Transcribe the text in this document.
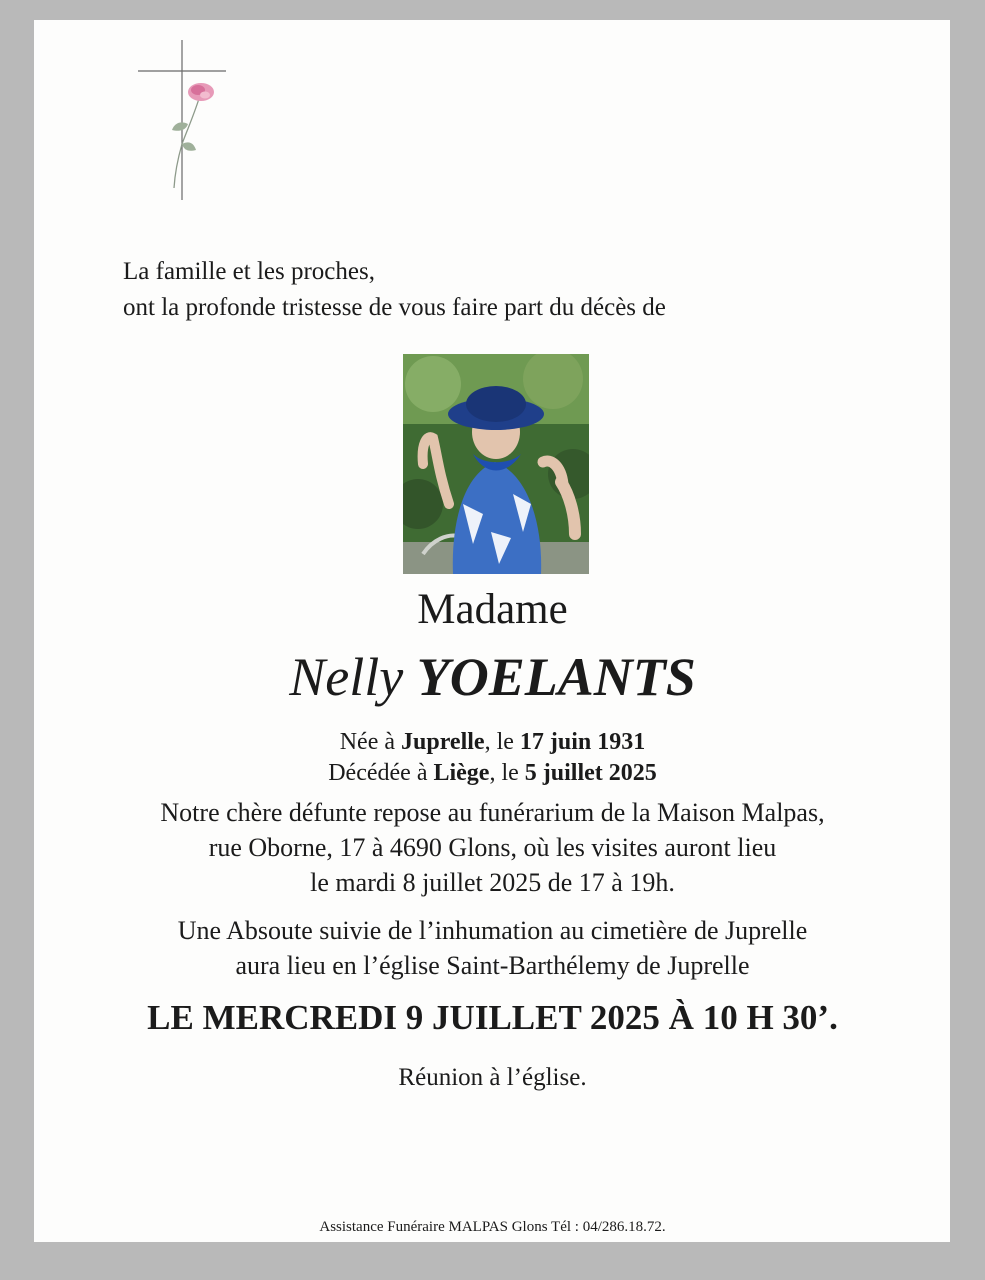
La famille et les proches,
ont la profonde tristesse de vous faire part du décès de

Madame

Nelly YOELANTS

Née à Juprelle, le 17 juin 1931
Décédée à Liège, le 5 juillet 2025

Notre chère défunte repose au funérarium de la Maison Malpas,
rue Oborne, 17 à 4690 Glons, où les visites auront lieu
le mardi 8 juillet 2025 de 17 à 19h.

Une Absoute suivie de l’inhumation au cimetière de Juprelle
aura lieu en l’église Saint-Barthélemy de Juprelle

LE MERCREDI 9 JUILLET 2025 À 10 H 30’.

Réunion à l’église.

Assistance Funéraire MALPAS Glons Tél : 04/286.18.72.
